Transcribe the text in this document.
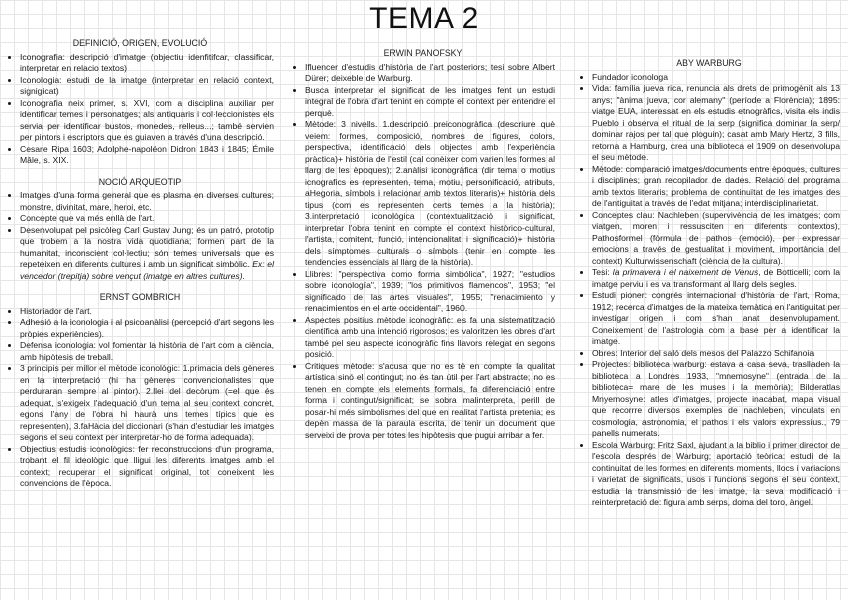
TEMA 2
DEFINICIÓ, ORIGEN, EVOLUCIÓ
• Iconografia: descripció d'imatge (objectiu idenfitifcar, classificar, interpretar en relacio textos)
• Iconologia: estudi de la imatge (interpretar en relació context, signigicat)
• Iconografia neix primer, s. XVI, com a disciplina auxiliar per identificar temes i personatges; als antiquaris i col·leccionistes els servia per identificar bustos, monedes, relleus...; també servien per pintors i escriptors que es guiaven a través d'una descripció.
• Cesare Ripa 1603; Adolphe-napoléon Didron 1843 i 1845; Émile Mâle, s. XIX.
NOCIÓ ARQUEOTIP
• Imatges d'una forma general que es plasma en diverses cultures; monstre, divinitat, mare, heroi, etc.
• Concepte que va més enllà de l'art.
• Desenvolupat pel psicòleg Carl Gustav Jung; és un patró, prototip que trobem a la nostra vida quotidiana; formen part de la humanitat, inconscient col·lectiu; són temes universals que es repeteixen en diferents cultures i amb un significat simbòlic. Ex: el vencedor (trepitja) sobre vençut (imatge en altres cultures).
ERNST GOMBRICH
• Historiador de l'art.
• Adhesió a la iconologia i al psicoanàlisi (percepció d'art segons les pròpies experiències).
• Defensa iconologia: vol fomentar la història de l'art com a ciència, amb hipòtesis de treball.
• 3 principis per millor el mètode iconològic: 1.primacia dels gèneres en la interpretació (hi ha gèneres convencionalistes que perduraran sempre al pintor). 2.llei del decòrum (=el que és adequat, s'exigeix l'adequació d'un tema al seu context concret, egons l'any de l'obra hi haurà uns temes típics que es representen), 3.faHàcia del diccionari (s'han d'estudiar les imatges segons el seu context per interpretar-ho de forma adequada).
• Objectius estudis iconològics: fer reconstruccions d'un programa, trobant el fil ideològic que lligui les diferents imatges amb el context; recuperar el significat original, tot coneixent les convencions de l'època.
ERWIN PANOFSKY
• Ifluencer d'estudis d'història de l'art posteriors; tesi sobre Albert Dürer; deixeble de Warburg.
• Busca interpretar el significat de les imatges fent un estudi integral de l'obra d'art tenint en compte el context per entendre el perquè.
• Mètode: 3 nivells. 1.descripció preiconogràfica (descriure què veiem: formes, composició, nombres de figures, colors, perspectiva, identificació dels objectes amb l'experiència pràctica)+ història de l'estil (cal conèixer com varien les formes al llarg de les èpoques); 2.anàlisi iconogràfica (dir tema o motius icnografics es representen, tema, motiu, personificació, atributs, aHegoria, símbols i relacionar amb textos literaris)+ història dels tipus (com es representen certs temes a la història); 3.interpretació iconològica (contextualització i significat, interpretar l'obra tenint en compte el context històrico-cultural, l'artista, comitent, funció, intencionalitat i significació)+ història dels símptomes culturals o símbols (tenir en compte les tendencies essencials al llarg de la història).
• Llibres: "perspectiva como forma simbólica", 1927; "estudios sobre iconología", 1939; "los primitivos flamencos", 1953; "el significado de las artes visuales", 1955; "renacimiento y renacimientos en el arte occidental", 1960.
• Aspectes positius mètode iconogràfic: es fa una sistematització científica amb una intenció rigorosos; es valoritzen les obres d'art també pel seu aspecte iconogràfic fins llavors relegat en segons posició.
• Critiques mètode: s'acusa que no es tè en compte la qualitat artística sinó el contingut; no és tan útil per l'art abstracte; no es tenen en compte els elements formals, fa diferenciació entre forma i contingut/significat; se sobra malinterpreta, perill de posar-hi més simbolismes del que en realitat l'artista pretenia; es depèn massa de la paraula escrita, de tenir un document que serveixi de prova per totes les hipòtesis que pugui arribar a fer.
ABY WARBURG
• Fundador iconologa
• Vida: família jueva rica, renuncia als drets de primogènit als 13 anys; "ànima jueva, cor alemany" (període a Florència); 1895: viatge EUA, interessat en els estudis etnogràfics, visita els indis Pueblo i observa el ritual de la serp (significa dominar la serp/ dominar rajos per tal que ploguin); casat amb Mary Hertz, 3 fills, retorna a Hamburg, crea una biblioteca el 1909 on desenvolupa el seu mètode.
• Mètode: comparació imatges/documents entre èpoques, cultures i disciplines; gran recopilador de dades. Relació del programa amb textos literaris; problema de continuïtat de les imatges des de l'antiguitat a través de l'edat mitjana; interdisciplinarietat.
• Conceptes clau: Nachleben (supervivència de les imatges; com viatgen, moren i ressusciten en diferents contextos), Pathosformel (fòrmula de pathos (emoció), per expressar emocions a través de gestualitat i moviment, importància del context) Kulturwissenschaft (ciència de la cultura).
• Tesi: la primavera i el naixement de Venus, de Botticelli; com la imatge perviu i es va transformant al llarg dels segles.
• Estudi pioner: congrés internacional d'història de l'art, Roma, 1912; recerca d'imatges de la mateixa temàtica en l'antiguitat per investigar origen i com s'han anat desenvolupament. Coneixement de l'astrologia com a base per a identificar la imatge.
• Obres: Interior del saló dels mesos del Palazzo Schifanoia
• Projectes: biblioteca warburg: estava a casa seva, traslladen la biblioteca a Londres 1933, "mnemosyne" (entrada de la biblioteca= mare de les muses i la memòria); Bilderatlas Mnyemosyne: atles d'imatges, projecte inacabat, mapa visual que recorrre diversos exemples de nachleben, vinculats en cosmologia, astronomia, el pathos i els valors expressius., 79 panells numerats.
• Escola Warburg: Fritz Saxl, ajudant a la biblio i primer director de l'escola després de Warburg; aportació teòrica: estudi de la continuitat de les formes en diferents moments, llocs i variacions i varietat de significats, usos i funcions segons el seu context, estudia la transmissió de les imatge, la seva modificació i reinterpretació de: figura amb serps, doma del toro, àngel.
